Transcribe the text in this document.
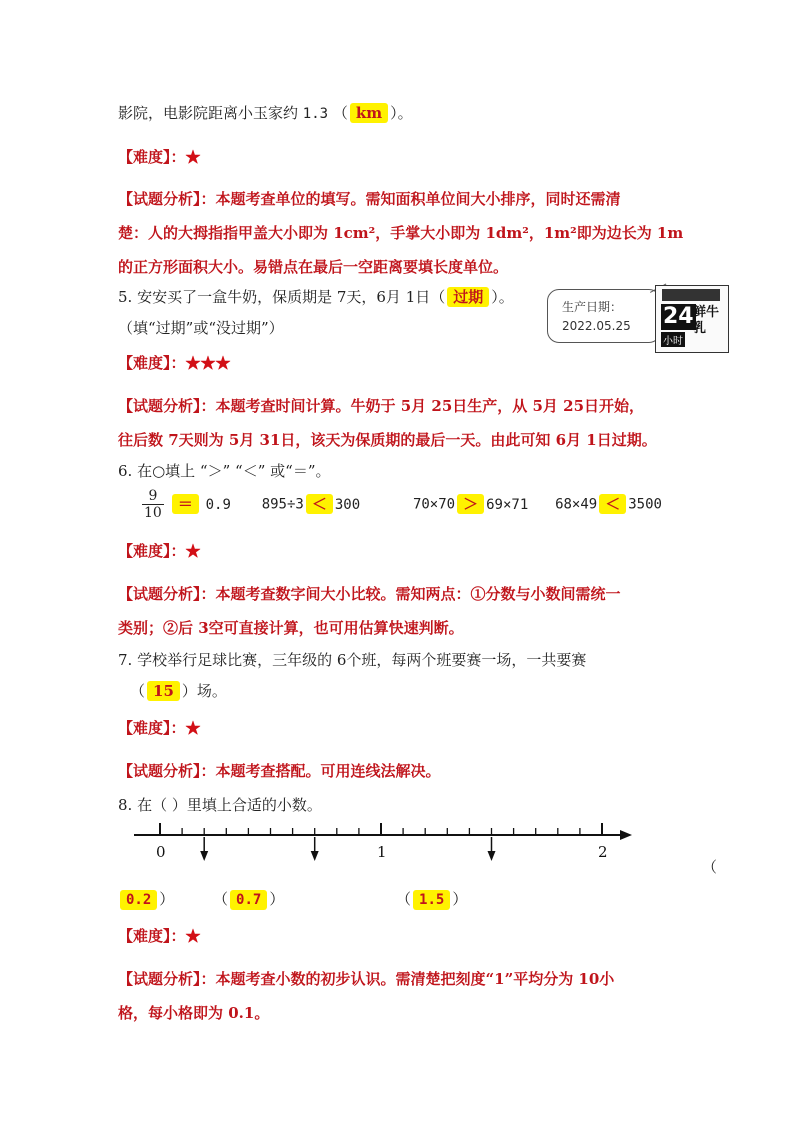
影院，电影院距离小玉家约 1.3 （ km ）。
【难度】：★
【试题分析】：本题考查单位的填写。需知面积单位间大小排序，同时还需清
楚：人的大拇指指甲盖大小即为 1cm²，手掌大小即为 1dm²，1m²即为边长为 1m
的正方形面积大小。易错点在最后一空距离要填长度单位。
5. 安安买了一盒牛奶，保质期是 7天，6月 1日（ 过期 ）。
（填“过期”或“没过期”）
生产日期：
2022.05.25 24 鲜牛乳
小时
【难度】：★★★
【试题分析】：本题考查时间计算。牛奶于 5月 25日生产，从 5月 25日开始，
往后数 7天则为 5月 31日，该天为保质期的最后一天。由此可知 6月 1日过期。
6. 在○填上 “＞” “＜” 或“＝”。
$\frac{9}{10} = 0.9$ 895÷3 ＜ 300	70×70 ＞ 69×71 68×49 ＜ 3500
【难度】：★
【试题分析】：本题考查数字间大小比较。需知两点：①分数与小数间需统一
类别；②后 3空可直接计算，也可用估算快速判断。
7. 学校举行足球比赛，三年级的 6个班，每两个班要赛一场，一共要赛
（ 15 ）场。
【难度】：★
【试题分析】：本题考查搭配。可用连线法解决。
8. 在（ ）里填上合适的小数。
0	1	2
（
0.2 ）	（ 0.7 ）	（ 1.5 ）
【难度】：★
【试题分析】：本题考查小数的初步认识。需清楚把刻度“1”平均分为 10小
格，每小格即为 0.1。
